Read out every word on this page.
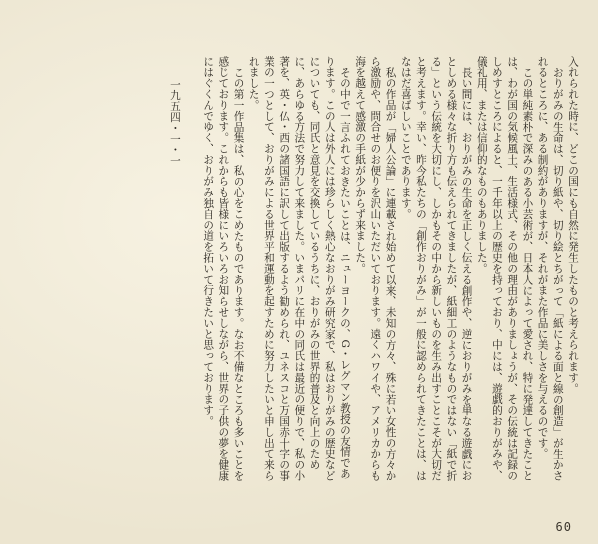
入れられた時に、どこの国にも自然に発生したものと考えられます。

おりがみの生命は、切り紙や、切り絵とちがって「紙による面と線の創造」が生かされるところに、ある制約がありますが、それがまた作品に美しさを与えるのです。

この単純素朴で深みのある小芸術が、日本人によって愛され、特に発達してきたことは、わが国の気候風土、生活様式、その他の理由がありましょうが、その伝統は記録のしめすところによると、一千年以上の歴史を持っており、中には、遊戯的おりがみや、儀礼用、または信仰的なものもありました。

長い間には、おりがみの生命を正しく伝える創作や、逆におりがみを単なる遊戯におとしめる様々な折り方も伝えられてきましたが、紙細工のようなものではない「紙で折る」という伝統を大切にし、しかもその中から新しいものを生み出すことこそが大切だと考えます。幸い、昨今私たちの「創作おりがみ」が一般に認められてきたことは、はなはだ喜ばしいことであります。

私の作品が「婦人公論」に連載され始めて以来、未知の方々、殊に若い女性の方々から激励や、問合せのお便りを沢山いただいております。遠くハワイや、アメリカからも海を越えて感激の手紙が少からず来ました。

その中で一言ふれておきたいことは、ニューヨークの、G・レグマン教授の友情であります。この人は外人には珍らしく熱心なおりがみ研究家で、私はおりがみの歴史などについても、同氏と意見を交換しているうちに、おりがみの世界的普及と向上のために、あらゆる方法で努力して来ました。いまパリに在中の同氏は最近の便りで、私の小著を、英・仏・西の諸国語に訳して出版するよう勧められ、ユネスコと万国赤十字の事業の一つとして、おりがみによる世界平和運動を起すために努力したいと申し出て来られました。

この第一作品集は、私の心をこめたものであります。なお不備なところも多いことを感じております。これからも皆様にいろいろお知らせしながら、世界の子供の夢を健康にはぐくんでゆく、おりがみ独自の道を拓いて行きたいと思っております。

一九五四・一・一

60
